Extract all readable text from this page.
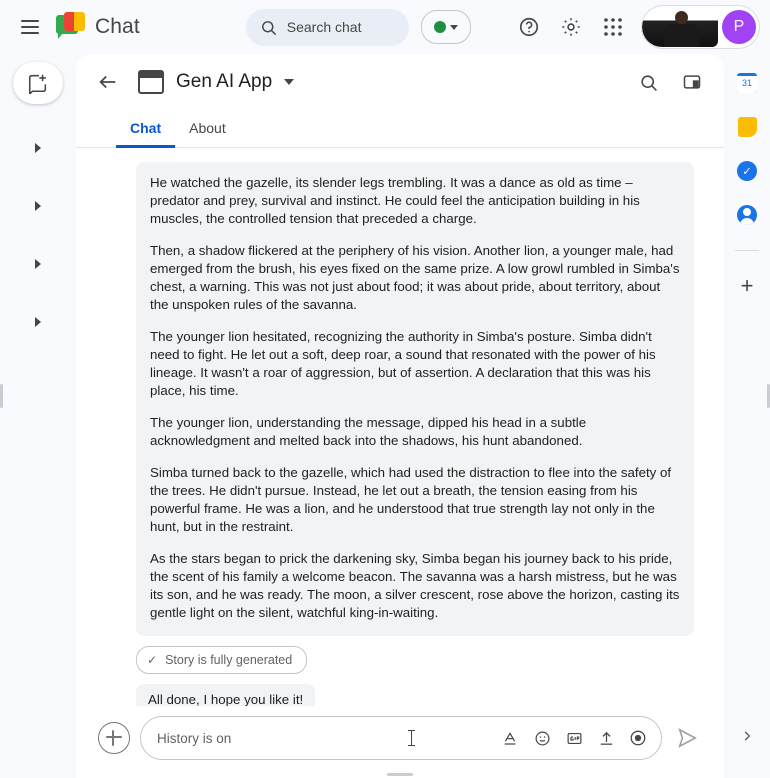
Chat	Search chat	P
Gen AI App
Chat	About

He watched the gazelle, its slender legs trembling. It was a dance as old as time – predator and prey, survival and instinct. He could feel the anticipation building in his muscles, the controlled tension that preceded a charge.

Then, a shadow flickered at the periphery of his vision. Another lion, a younger male, had emerged from the brush, his eyes fixed on the same prize. A low growl rumbled in Simba's chest, a warning. This was not just about food; it was about pride, about territory, about the unspoken rules of the savanna.

The younger lion hesitated, recognizing the authority in Simba's posture. Simba didn't need to fight. He let out a soft, deep roar, a sound that resonated with the power of his lineage. It wasn't a roar of aggression, but of assertion. A declaration that this was his place, his time.

The younger lion, understanding the message, dipped his head in a subtle acknowledgment and melted back into the shadows, his hunt abandoned.

Simba turned back to the gazelle, which had used the distraction to flee into the safety of the trees. He didn't pursue. Instead, he let out a breath, the tension easing from his powerful frame. He was a lion, and he understood that true strength lay not only in the hunt, but in the restraint.

As the stars began to prick the darkening sky, Simba began his journey back to his pride, the scent of his family a welcome beacon. The savanna was a harsh mistress, but he was its son, and he was ready. The moon, a silver crescent, rose above the horizon, casting its gentle light on the silent, watchful king-in-waiting.

✓ Story is fully generated
All done, I hope you like it!
History is on
31
✓
+
